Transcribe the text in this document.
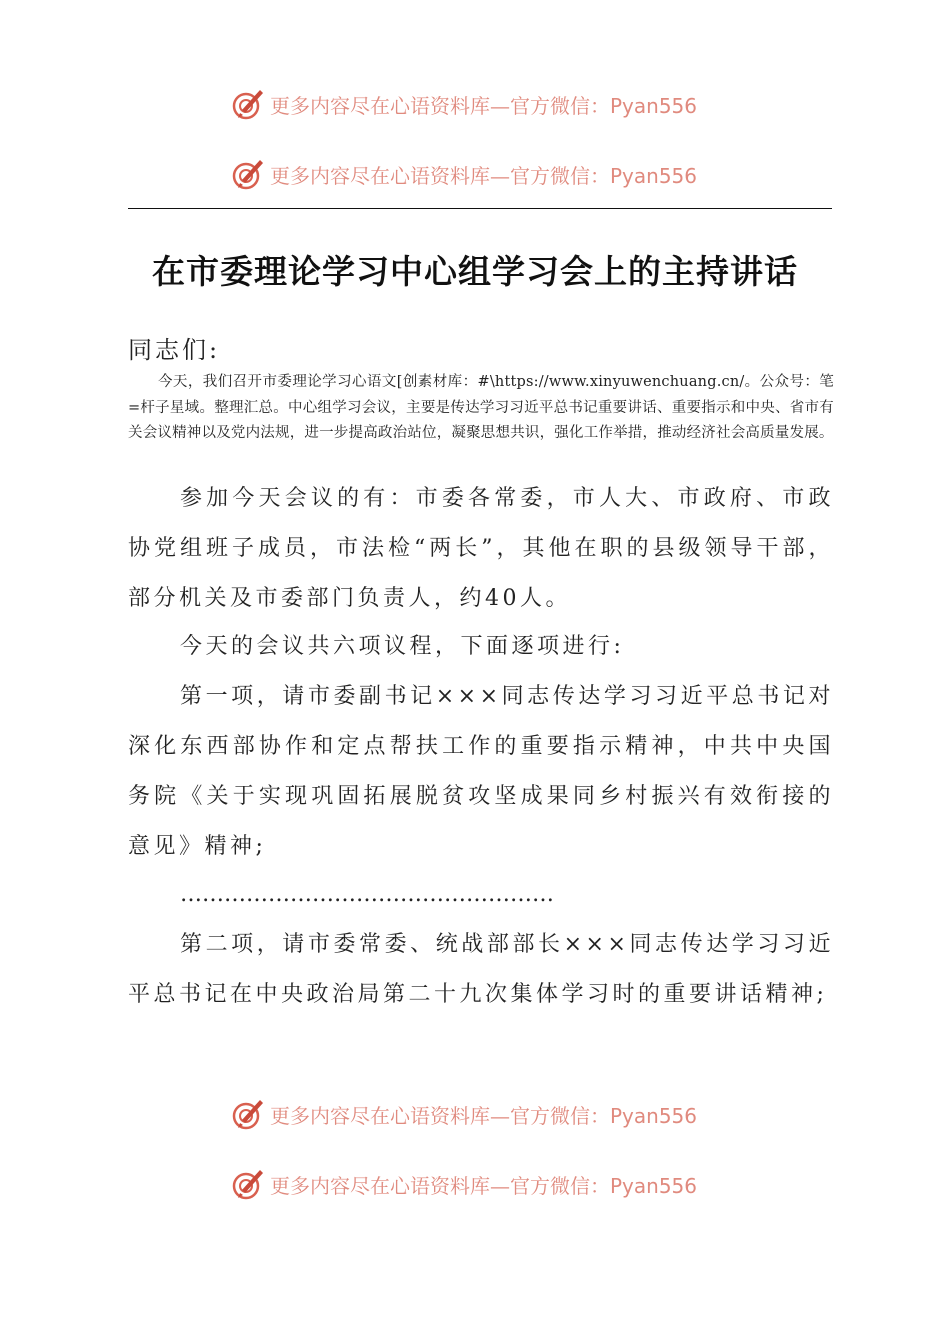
更多内容尽在心语资料库—官方微信：Pyan556
更多内容尽在心语资料库—官方微信：Pyan556
在市委理论学习中心组学习会上的主持讲话
同志们:
今天，我们召开市委理论学习心语文[创素材库：#\https://www.xinyuwenchuang.cn/。公众号：笔=杆子星域。整理汇总。中心组学习会议，主要是传达学习习近平总书记重要讲话、重要指示和中央、省市有关会议精神以及党内法规，进一步提高政治站位，凝聚思想共识，强化工作举措，推动经济社会高质量发展。
参加今天会议的有：市委各常委，市人大、市政府、市政协党组班子成员，市法检“两长”，其他在职的县级领导干部，部分机关及市委部门负责人，约40人。
今天的会议共六项议程，下面逐项进行:
第一项，请市委副书记×××同志传达学习习近平总书记对深化东西部协作和定点帮扶工作的重要指示精神，中共中央国务院《关于实现巩固拓展脱贫攻坚成果同乡村振兴有效衔接的意见》精神;
……………………………………………
第二项，请市委常委、统战部部长×××同志传达学习习近平总书记在中央政治局第二十九次集体学习时的重要讲话精神;
更多内容尽在心语资料库—官方微信：Pyan556
更多内容尽在心语资料库—官方微信：Pyan556
